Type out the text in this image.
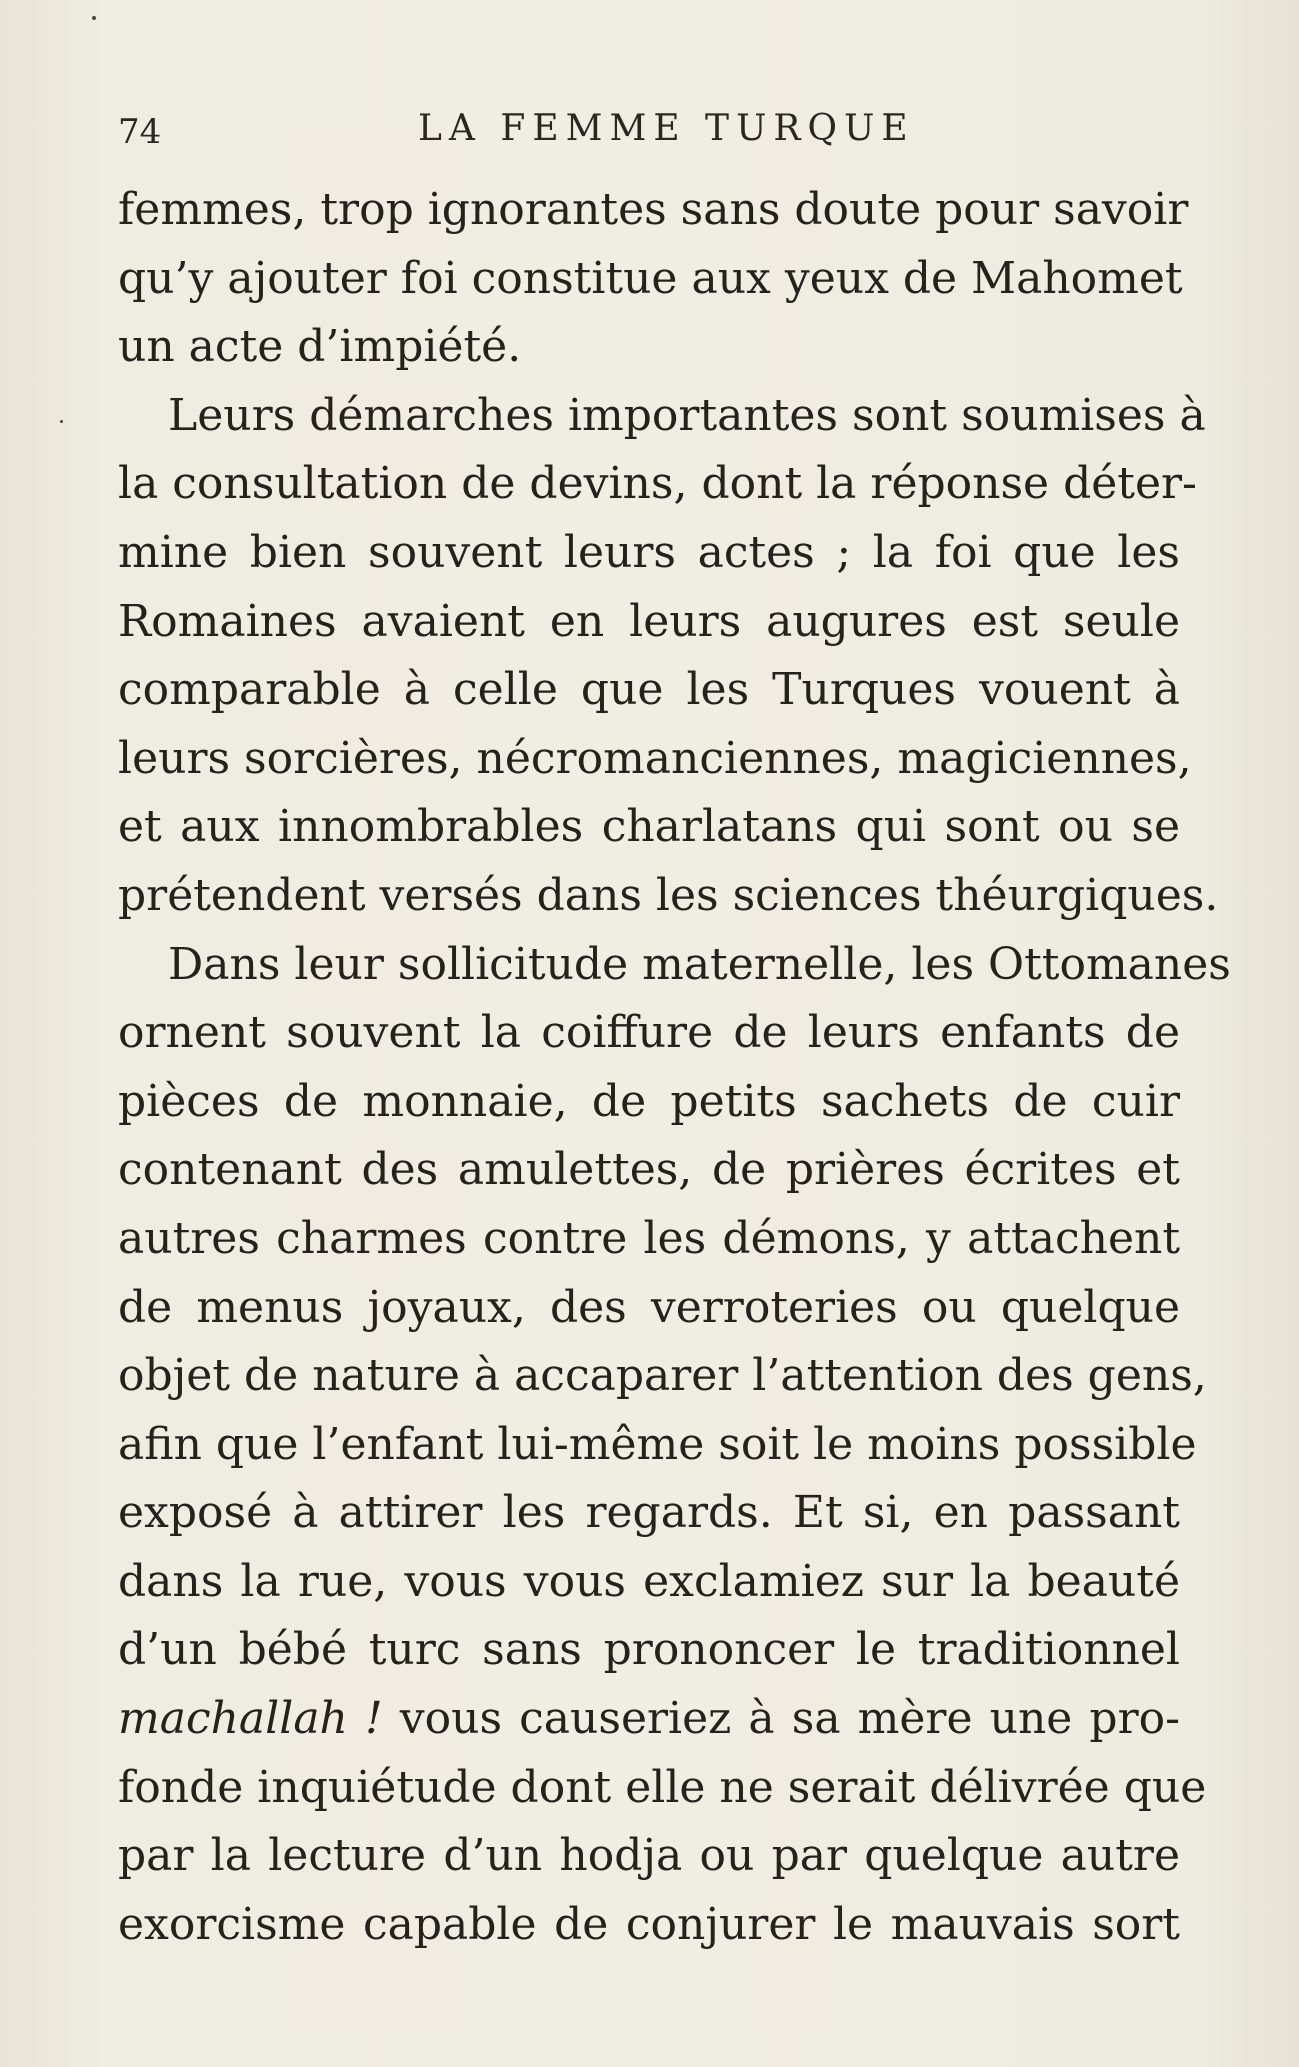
74	LA FEMME TURQUE
femmes, trop ignorantes sans doute pour savoir
qu’y ajouter foi constitue aux yeux de Mahomet
un acte d’impiété.
Leurs démarches importantes sont soumises à
la consultation de devins, dont la réponse déter-
mine bien souvent leurs actes ; la foi que les
Romaines avaient en leurs augures est seule
comparable à celle que les Turques vouent à
leurs sorcières, nécromanciennes, magiciennes,
et aux innombrables charlatans qui sont ou se
prétendent versés dans les sciences théurgiques.
Dans leur sollicitude maternelle, les Ottomanes
ornent souvent la coiffure de leurs enfants de
pièces de monnaie, de petits sachets de cuir
contenant des amulettes, de prières écrites et
autres charmes contre les démons, y attachent
de menus joyaux, des verroteries ou quelque
objet de nature à accaparer l’attention des gens,
afin que l’enfant lui-même soit le moins possible
exposé à attirer les regards. Et si, en passant
dans la rue, vous vous exclamiez sur la beauté
d’un bébé turc sans prononcer le traditionnel
machallah ! vous causeriez à sa mère une pro-
fonde inquiétude dont elle ne serait délivrée que
par la lecture d’un hodja ou par quelque autre
exorcisme capable de conjurer le mauvais sort
